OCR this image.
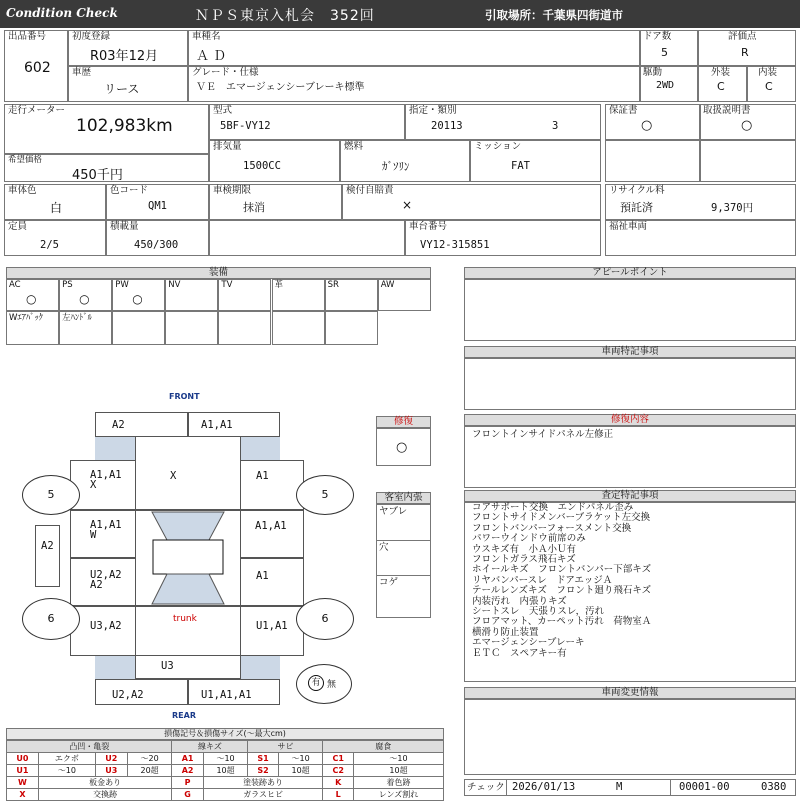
Condition Check	ＮＰＳ東京入札会　352回	引取場所：千葉県四街道市
出品番号
602
初度登録
R03年12月
車種名
ＡＤ
ドア数
5
評価点
R
車歴
リース
グレード・仕様
ＶＥ　エマージェンシーブレーキ標準
駆動
2WD
外装
C
内装
C
走行メーター
102,983km
型式
5BF-VY12
指定・類別
20113	3
保証書
○
取扱説明書
○
希望価格
450千円
排気量
1500CC
燃料
ｶﾞｿﾘﾝ
ミッション
FAT
車体色
白
色コード
QM1
車検期限
抹消
検付自賠責
×
リサイクル料
預託済	9,370円
定員
2/5
積載量
450/300
車台番号
VY12-315851
福祉車両
装備
AC
○
PS
○
PW
○
NV	TV	革	SR	AW
Wｴｱﾊﾞｯｸ 左ﾊﾝﾄﾞﾙ
アピールポイント
車両特記事項
修復
○
修復内容
フロントインサイドパネル左修正
客室内張
ヤブレ
穴
コゲ
査定特記事項
コアサポート交換　エンドパネル歪み
フロントサイドメンバーブラケット左交換
フロントバンパーフォースメント交換
パワーウインドウ前席のみ
ウスキズ有　小Ａ小Ｕ有
フロントガラス飛石キズ
ホイールキズ　フロントバンパー下部キズ
リヤバンパースレ　ドアエッジＡ
テールレンズキズ　フロント廻り飛石キズ
内装汚れ　内張りキズ
シートスレ　天張りスレ，汚れ
フロアマット、カーペット汚れ　荷物室Ａ
横滑り防止装置
エマージェンシーブレーキ
ＥＴＣ　スペアキー有
車両変更情報
チェック 2026/01/13	M	00001-00	0380
FRONT
REAR
A2	A1,A1
A1,A1
X
X	A1
A1,A1
W
A1,A1
U2,A2
A2
A1
U3,A2
trunk
U1,A1
U3
U2,A2	U1,A1,A1
A2
5	5
6	6
有 無
損傷記号＆損傷サイズ(〜最大cm)
凸凹・亀裂				線キズ		サビ		腐食	
U0	エクボ	U2	〜20	A1	〜10	S1	〜10	C1	〜10
U1	〜10	U3	20超	A2	10超	S2	10超	C2	10超
W	板金あり			P	塗装跡あり			K	着色跡
X	交換跡			G	ガラスヒビ			L	レンズ割れ
